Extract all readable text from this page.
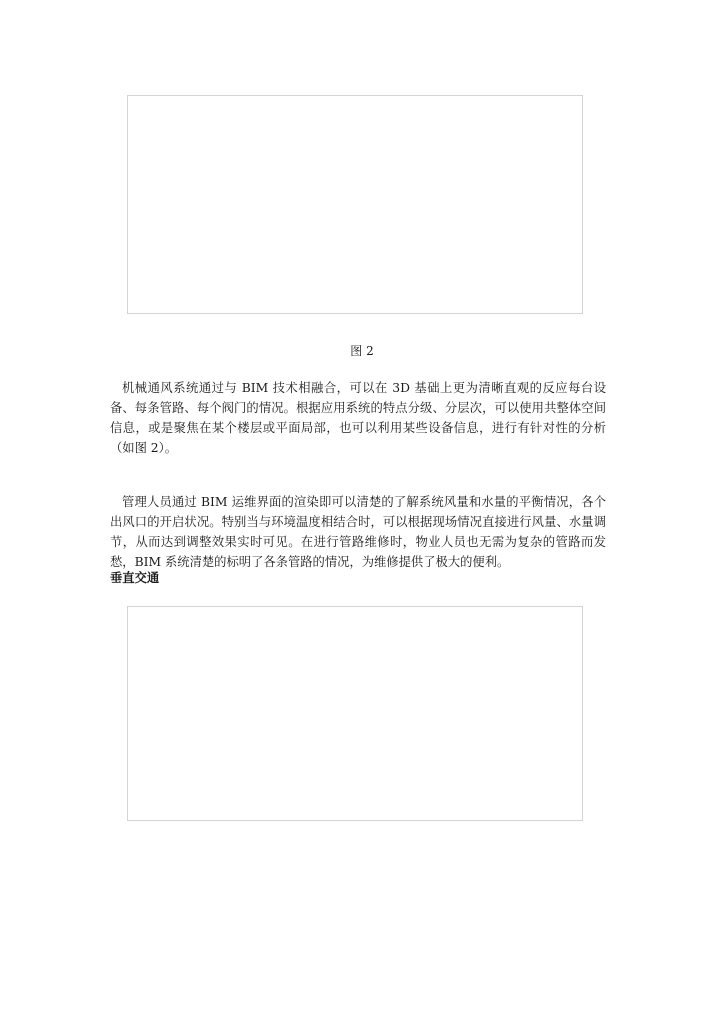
图 2

机械通风系统通过与 BIM 技术相融合，可以在 3D 基础上更为清晰直观的反应每台设备、每条管路、每个阀门的情况。根据应用系统的特点分级、分层次，可以使用共整体空间信息，或是聚焦在某个楼层或平面局部，也可以利用某些设备信息，进行有针对性的分析（如图 2）。

管理人员通过 BIM 运维界面的渲染即可以清楚的了解系统风量和水量的平衡情况，各个出风口的开启状况。特别当与环境温度相结合时，可以根据现场情况直接进行风量、水量调节，从而达到调整效果实时可见。在进行管路维修时，物业人员也无需为复杂的管路而发愁，BIM 系统清楚的标明了各条管路的情况，为维修提供了极大的便利。

垂直交通
